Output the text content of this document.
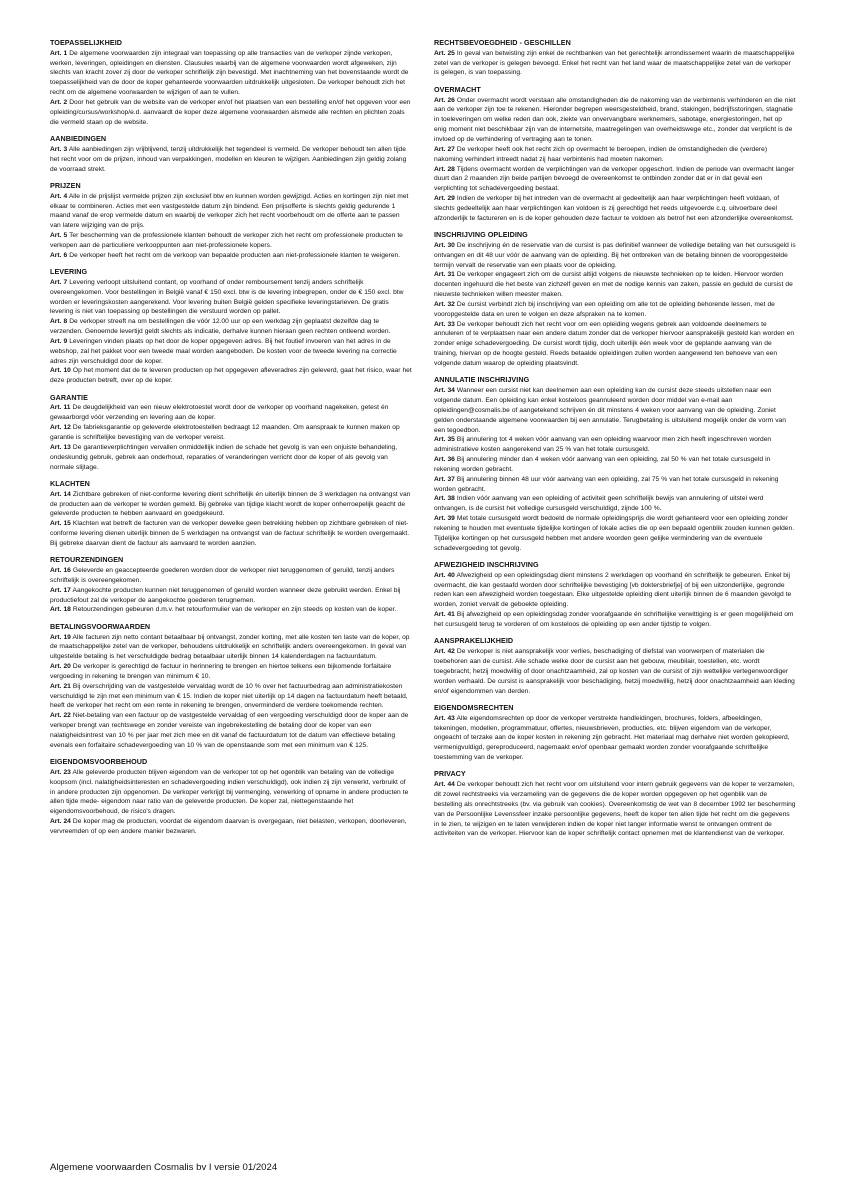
TOEPASSELIJKHEID

Art. 1 De algemene voorwaarden zijn integraal van toepassing op alle transacties van de verkoper zijnde verkopen, werken, leveringen, opleidingen en diensten. Clausules waarbij van de algemene voorwaarden wordt afgeweken, zijn slechts van kracht zover zij door de verkoper schriftelijk zijn bevestigd. Met inachtneming van het bovenstaande wordt de toepasselijkheid van de door de koper gehanteerde voorwaarden uitdrukkelijk uitgesloten. De verkoper behoudt zich het recht om de algemene voorwaarden te wijzigen of aan te vullen.

Art. 2 Door het gebruik van de website van de verkoper en/of het plaatsen van een bestelling en/of het opgeven voor een opleiding/cursus/workshop/e.d. aanvaardt de koper deze algemene voorwaarden alsmede alle rechten en plichten zoals die vermeld staan op de website.

AANBIEDINGEN

Art. 3 Alle aanbiedingen zijn vrijblijvend, tenzij uitdrukkelijk het tegendeel is vermeld. De verkoper behoudt ten allen tijde het recht voor om de prijzen, inhoud van verpakkingen, modellen en kleuren te wijzigen. Aanbiedingen zijn geldig zolang de voorraad strekt.

PRIJZEN

Art. 4 Alle in de prijslijst vermelde prijzen zijn exclusief btw en kunnen worden gewijzigd. Acties en kortingen zijn niet met elkaar te combineren. Acties met een vastgestelde datum zijn bindend. Een prijsofferte is slechts geldig gedurende 1 maand vanaf de erop vermelde datum en waarbij de verkoper zich het recht voorbehoudt om de offerte aan te passen van latere wijziging van de prijs.

Art. 5 Ter bescherming van de professionele klanten behoudt de verkoper zich het recht om professionele producten te verkopen aan de particuliere verkooppunten aan niet-professionele kopers.

Art. 6 De verkoper heeft het recht om de verkoop van bepaalde producten aan niet-professionele klanten te weigeren.

LEVERING

Art. 7 Levering verloopt uitsluitend contant, op voorhand of onder remboursement tenzij anders schriftelijk overeengekomen. Voor bestellingen in België vanaf € 150 excl. btw is de levering inbegrepen, onder de € 150 excl. btw worden er leveringskosten aangerekend. Voor levering buiten België gelden specifieke leveringstarieven. De gratis levering is niet van toepassing op bestellingen die verstuurd worden op pallet.

Art. 8 De verkoper streeft na om bestellingen die vóór 12.00 uur op een werkdag zijn geplaatst dezelfde dag te verzenden. Genoemde levertijd geldt slechts als indicatie, derhalve kunnen hieraan geen rechten ontleend worden.

Art. 9 Leveringen vinden plaats op het door de koper opgegeven adres. Bij het foutief invoeren van het adres in de webshop, zal het pakket voor een tweede maal worden aangeboden. De kosten voor de tweede levering na correctie adres zijn verschuldigd door de koper.

Art. 10 Op het moment dat de te leveren producten op het opgegeven afleveradres zijn geleverd, gaat het risico, waar het deze producten betreft, over op de koper.

GARANTIE

Art. 11 De deugdelijkheid van een nieuw elektrotoestel wordt door de verkoper op voorhand nagekeken, getest én gewaarborgd vóór verzending en levering aan de koper.

Art. 12 De fabrieksgarantie op geleverde elektrotoestellen bedraagt 12 maanden. Om aanspraak te kunnen maken op garantie is schriftelijke bevestiging van de verkoper vereist.

Art. 13 De garantieverplichtingen vervallen onmiddellijk indien de schade het gevolg is van een onjuiste behandeling, ondeskundig gebruik, gebrek aan onderhoud, reparaties of veranderingen verricht door de koper of als gevolg van normale slijtage.

KLACHTEN

Art. 14 Zichtbare gebreken of niet-conforme levering dient schriftelijk én uiterlijk binnen de 3 werkdagen na ontvangst van de producten aan de verkoper te worden gemeld. Bij gebreke van tijdige klacht wordt de koper onherroepelijk geacht de geleverde producten te hebben aanvaard en goedgekeurd.

Art. 15 Klachten wat betreft de facturen van de verkoper dewelke geen betrekking hebben op zichtbare gebreken of niet-conforme levering dienen uiterlijk binnen de 5 werkdagen na ontvangst van de factuur schriftelijk te worden overgemaakt. Bij gebreke daarvan dient de factuur als aanvaard te worden aanzien.

RETOURZENDINGEN

Art. 16 Geleverde en geaccepteerde goederen worden door de verkoper niet teruggenomen of geruild, tenzij anders schriftelijk is overeengekomen.

Art. 17 Aangekochte producten kunnen niet teruggenomen of geruild worden wanneer deze gebruikt werden. Enkel bij productiefout zal de verkoper de aangekochte goederen terugnemen.

Art. 18 Retourzendingen gebeuren d.m.v. het retourformulier van de verkoper en zijn steeds op kosten van de koper.

BETALINGSVOORWAARDEN

Art. 19 Alle facturen zijn netto contant betaalbaar bij ontvangst, zonder korting, met alle kosten ten laste van de koper, op de maatschappelijke zetel van de verkoper, behoudens uitdrukkelijk en schriftelijk anders overeengekomen. In geval van uitgestelde betaling is het verschuldigde bedrag betaalbaar uiterlijk binnen 14 kalenderdagen na factuurdatum.

Art. 20 De verkoper is gerechtigd de factuur in herinnering te brengen en hiertoe telkens een bijkomende forfaitaire vergoeding in rekening te brengen van minimum € 10.

Art. 21 Bij overschrijding van de vastgestelde vervaldag wordt de 10 % over het factuurbedrag aan administratiekosten verschuldigd te zijn met een minimum van € 15. Indien de koper niet uiterlijk op 14 dagen na factuurdatum heeft betaald, heeft de verkoper het recht om een rente in rekening te brengen, onverminderd de verdere toekomende rechten.

Art. 22 Niet-betaling van een factuur op de vastgestelde vervaldag of een vergoeding verschuldigd door de koper aan de verkoper brengt van rechtswege en zonder vereiste van ingebrekestelling de betaling door de koper van een nalatigheidsintrest van 10 % per jaar met zich mee en dit vanaf de factuurdatum tot de datum van effectieve betaling evenals een forfaitaire schadevergoeding van 10 % van de openstaande som met een minimum van € 125.

EIGENDOMSVOORBEHOUD

Art. 23 Alle geleverde producten blijven eigendom van de verkoper tot op het ogenblik van betaling van de volledige koopsom (incl. nalatigheidsinteresten en schadevergoeding indien verschuldigd), ook indien zij zijn verwerkt, verbruikt of in andere producten zijn opgenomen. De verkoper verkrijgt bij vermenging, verwerking of opname in andere producten te allen tijde mede- eigendom naar ratio van de geleverde producten. De koper zal, niettegenstaande het eigendomsvoorbehoud, de risico's dragen.

Art. 24 De koper mag de producten, voordat de eigendom daarvan is overgegaan, niet belasten, verkopen, doorleveren, vervreemden of op een andere manier bezwaren.

RECHTSBEVOEGDHEID - GESCHILLEN

Art. 25 In geval van betwisting zijn enkel de rechtbanken van het gerechtelijk arrondissement waarin de maatschappelijke zetel van de verkoper is gelegen bevoegd. Enkel het recht van het land waar de maatschappelijke zetel van de verkoper is gelegen, is van toepassing.

OVERMACHT

Art. 26 Onder overmacht wordt verstaan alle omstandigheden die de nakoming van de verbintenis verhinderen en die niet aan de verkoper zijn toe te rekenen. Hieronder begrepen weersgesteldheid, brand, stakingen, bedrijfsstoringen, stagnatie in toeleveringen om welke reden dan ook, ziekte van onvervangbare werknemers, sabotage, energiestoringen, het op enig moment niet beschikbaar zijn van de internetsite, maatregelingen van overheidswege etc., zonder dat verplicht is de invloed op de verhindering of vertraging aan te tonen.

Art. 27 De verkoper heeft ook het recht zich op overmacht te beroepen, indien de omstandigheden die (verdere) nakoming verhindert intreedt nadat zij haar verbintenis had moeten nakomen.

Art. 28 Tijdens overmacht worden de verplichtingen van de verkoper opgeschort. Indien de periode van overmacht langer duurt dan 2 maanden zijn beide partijen bevoegd de overeenkomst te ontbinden zonder dat er in dat geval een verplichting tot schadevergoeding bestaat.

Art. 29 Indien de verkoper bij het intreden van de overmacht al gedeeltelijk aan haar verplichtingen heeft voldaan, of slechts gedeeltelijk aan haar verplichtingen kan voldoen is zij gerechtigd het reeds uitgevoerde c.q. uitvoerbare deel afzonderlijk te factureren en is de koper gehouden deze factuur te voldoen als betrof het een afzonderlijke overeenkomst.

INSCHRIJVING OPLEIDING

Art. 30 De inschrijving én de reservatie van de cursist is pas definitief wanneer de volledige betaling van het cursusgeld is ontvangen en dit 48 uur vóór de aanvang van de opleiding. Bij het ontbreken van de betaling binnen de vooropgestelde termijn vervalt de reservatie van een plaats voor de opleiding.

Art. 31 De verkoper engageert zich om de cursist altijd volgens de nieuwste technieken op te leiden. Hiervoor worden docenten ingehuurd die het beste van zichzelf geven en met de nodige kennis van zaken, passie en geduld de cursist de nieuwste technieken willen meester maken.

Art. 32 De cursist verbindt zich bij inschrijving van een opleiding om alle tot de opleiding behorende lessen, met de vooropgestelde data en uren te volgen en deze afspraken na te komen.

Art. 33 De verkoper behoudt zich het recht voor om een opleiding wegens gebrek aan voldoende deelnemers te annuleren of te verplaatsen naar een andere datum zonder dat de verkoper hiervoor aansprakelijk gesteld kan worden en zonder enige schadevergoeding. De cursist wordt tijdig, doch uiterlijk één week voor de geplande aanvang van de training, hiervan op de hoogte gesteld. Reeds betaalde opleidingen zullen worden aangewend ten behoeve van een volgende datum waarop de opleiding plaatsvindt.

ANNULATIE INSCHRIJVING

Art. 34 Wanneer een cursist niet kan deelnemen aan een opleiding kan de cursist deze steeds uitstellen naar een volgende datum. Een opleiding kan enkel kosteloos geannuleerd worden door middel van e-mail aan opleidingen@cosmalis.be of aangetekend schrijven én dit minstens 4 weken voor aanvang van de opleiding. Zoniet gelden onderstaande algemene voorwaarden bij een annulatie. Terugbetaling is uitsluitend mogelijk onder de vorm van een tegoedbon.

Art. 35 Bij annulering tot 4 weken vóór aanvang van een opleiding waarvoor men zich heeft ingeschreven worden administratieve kosten aangerekend van 25 % van het totale cursusgeld.

Art. 36 Bij annulering minder dan 4 weken vóór aanvang van een opleiding, zal 50 % van het totale cursusgeld in rekening worden gebracht.

Art. 37 Bij annulering binnen 48 uur vóór aanvang van een opleiding, zal 75 % van het totale cursusgeld in rekening worden gebracht.

Art. 38 Indien vóór aanvang van een opleiding of activiteit geen schriftelijk bewijs van annulering of uitstel werd ontvangen, is de cursist het volledige cursusgeld verschuldigd, zijnde 100 %.

Art. 39 Met totale cursusgeld wordt bedoeld de normale opleidingsprijs die wordt gehanteerd voor een opleiding zonder rekening te houden met eventuele tijdelijke kortingen of lokale acties die op een bepaald ogenblik zouden kunnen gelden. Tijdelijke kortingen op het cursusgeld hebben met andere woorden geen gelijke vermindering van de eventuele schadevergoeding tot gevolg.

AFWEZIGHEID INSCHRIJVING

Art. 40 Afwezigheid op een opleidingsdag dient minstens 2 werkdagen op voorhand én schriftelijk te gebeuren. Enkel bij overmacht, die kan gestaafd worden door schriftelijke bevestiging [vb doktersbriefje] of bij een uitzonderlijke, gegronde reden kan een afwezigheid worden toegestaan. Elke uitgestelde opleiding dient uiterlijk binnen de 6 maanden gevolgd te worden, zoniet vervalt de geboekte opleiding.

Art. 41 Bij afwezigheid op een opleidingsdag zonder voorafgaande én schriftelijke verwittiging is er geen mogelijkheid om het cursusgeld terug te vorderen of om kosteloos de opleiding op een ander tijdstip te volgen.

AANSPRAKELIJKHEID

Art. 42 De verkoper is niet aansprakelijk voor verlies, beschadiging of diefstal van voorwerpen of materialen die toebehoren aan de cursist. Alle schade welke door de cursist aan het gebouw, meubilair, toestellen, etc. wordt toegebracht, hetzij moedwillig of door onachtzaamheid, zal op kosten van de cursist of zijn wettelijke vertegenwoordiger worden verhaald. De cursist is aansprakelijk voor beschadiging, hetzij moedwillig, hetzij door onachtzaamheid aan kleding en/of eigendommen van derden.

EIGENDOMSRECHTEN

Art. 43 Alle eigendomsrechten op door de verkoper verstrekte handleidingen, brochures, folders, afbeeldingen, tekeningen, modellen, programmatuur, offertes, nieuwsbrieven, producties, etc. blijven eigendom van de verkoper, ongeacht of terzake aan de koper kosten in rekening zijn gebracht. Het materiaal mag derhalve niet worden gekopieerd, vermenigvuldigd, gereproduceerd, nagemaakt en/of openbaar gemaakt worden zonder voorafgaande schriftelijke toestemming van de verkoper.

PRIVACY

Art. 44 De verkoper behoudt zich het recht voor om uitsluitend voor intern gebruik gegevens van de koper te verzamelen, dit zowel rechtstreeks via verzameling van de gegevens die de koper worden opgegeven op het ogenblik van de bestelling als onrechtstreeks (bv. via gebruik van cookies). Overeenkomstig de wet van 8 december 1992 ter bescherming van de Persoonlijke Levenssfeer inzake persoonlijke gegevens, heeft de koper ten allen tijde het recht om die gegevens in te zien, te wijzigen en te laten verwijderen indien de koper niet langer informatie wenst te ontvangen omtrent de activiteiten van de verkoper. Hiervoor kan de koper schriftelijk contact opnemen met de klantendienst van de verkoper.

Algemene voorwaarden Cosmalis bv I versie 01/2024
